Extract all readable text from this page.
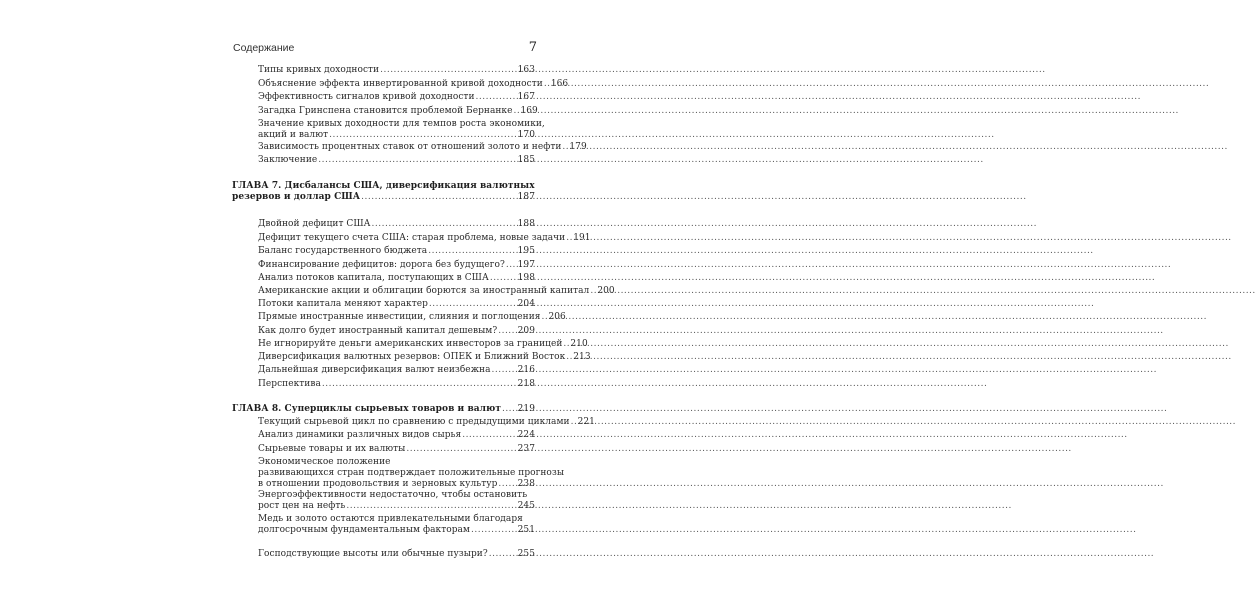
Содержание	7
Типы кривых доходности .....	163
Объяснение эффекта инвертированной кривой доходности ..... 166
Эффективность сигналов кривой доходности .....	167
Загадка Гринспена становится проблемой Бернанке ..... 169
Значение кривых доходности для темпов роста экономики,
акций и валют .....	170
Зависимость процентных ставок от отношений золото и нефти ..... 179
Заключение .....	185
ГЛАВА 7. Дисбалансы США, диверсификация валютных
резервов и доллар США .....	187
Двойной дефицит США .....	188
Дефицит текущего счета США: старая проблема, новые задачи ..... 191
Баланс государственного бюджета .....	195
Финансирование дефицитов: дорога без будущего? ..... 197
Анализ потоков капитала, поступающих в США .....	198
Американские акции и облигации борются за иностранный капитал ..... 200
Потоки капитала меняют характер .....	204
Прямые иностранные инвестиции, слияния и поглощения ..... 206
Как долго будет иностранный капитал дешевым? ..... 209
Не игнорируйте деньги американских инвесторов за границей ..... 210
Диверсификация валютных резервов: ОПЕК и Ближний Восток ..... 213
Дальнейшая диверсификация валют неизбежна .....	216
Перспектива .....	218
ГЛАВА 8. Суперциклы сырьевых товаров и валют ..... 219
Текущий сырьевой цикл по сравнению с предыдущими циклами ..... 221
Анализ динамики различных видов сырья .....	224
Сырьевые товары и их валюты .....	237
Экономическое положение
развивающихся стран подтверждает положительные прогнозы
в отношении продовольствия и зерновых культур ..... 238
Энергоэффективности недостаточно, чтобы остановить
рост цен на нефть .....	245
Медь и золото остаются привлекательными благодаря
долгосрочным фундаментальным факторам .....	251
Господствующие высоты или обычные пузыри? .....	255
